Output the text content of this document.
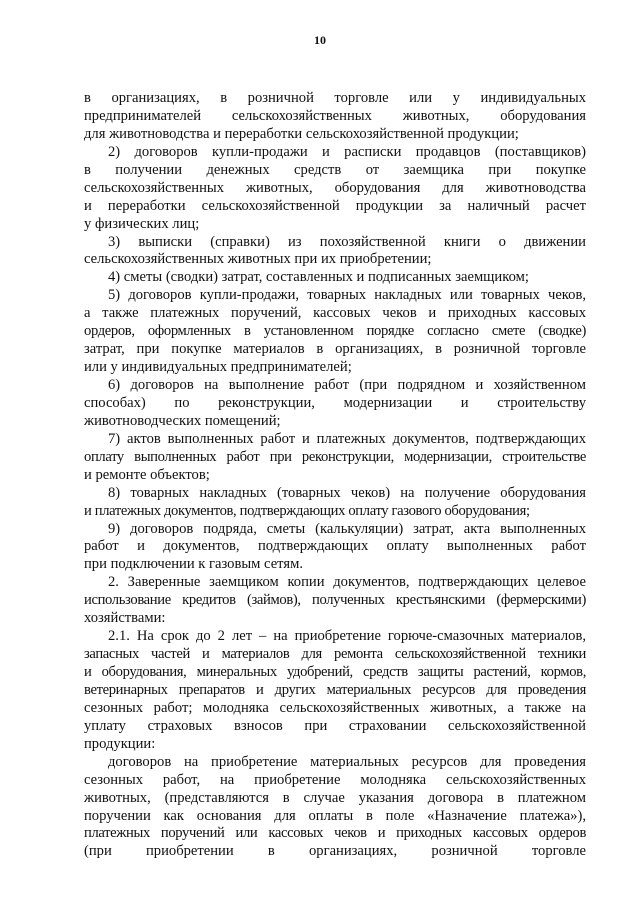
10
в организациях, в розничной торговле или у индивидуальных
предпринимателей сельскохозяйственных животных, оборудования
для животноводства и переработки сельскохозяйственной продукции;
2) договоров купли-продажи и расписки продавцов (поставщиков)
в получении денежных средств от заемщика при покупке
сельскохозяйственных животных, оборудования для животноводства
и переработки сельскохозяйственной продукции за наличный расчет
у физических лиц;
3) выписки (справки) из похозяйственной книги о движении
сельскохозяйственных животных при их приобретении;
4) сметы (сводки) затрат, составленных и подписанных заемщиком;
5) договоров купли-продажи, товарных накладных или товарных чеков,
а также платежных поручений, кассовых чеков и приходных кассовых
ордеров, оформленных в установленном порядке согласно смете (сводке)
затрат, при покупке материалов в организациях, в розничной торговле
или у индивидуальных предпринимателей;
6) договоров на выполнение работ (при подрядном и хозяйственном
способах) по реконструкции, модернизации и строительству
животноводческих помещений;
7) актов выполненных работ и платежных документов, подтверждающих
оплату выполненных работ при реконструкции, модернизации, строительстве
и ремонте объектов;
8) товарных накладных (товарных чеков) на получение оборудования
и платежных документов, подтверждающих оплату газового оборудования;
9) договоров подряда, сметы (калькуляции) затрат, акта выполненных
работ и документов, подтверждающих оплату выполненных работ
при подключении к газовым сетям.
2. Заверенные заемщиком копии документов, подтверждающих целевое
использование кредитов (займов), полученных крестьянскими (фермерскими)
хозяйствами:
2.1. На срок до 2 лет – на приобретение горюче-смазочных материалов,
запасных частей и материалов для ремонта сельскохозяйственной техники
и оборудования, минеральных удобрений, средств защиты растений, кормов,
ветеринарных препаратов и других материальных ресурсов для проведения
сезонных работ; молодняка сельскохозяйственных животных, а также на
уплату страховых взносов при страховании сельскохозяйственной
продукции:
договоров на приобретение материальных ресурсов для проведения
сезонных работ, на приобретение молодняка сельскохозяйственных
животных, (представляются в случае указания договора в платежном
поручении как основания для оплаты в поле «Назначение платежа»),
платежных поручений или кассовых чеков и приходных кассовых ордеров
(при приобретении в организациях, розничной торговле
